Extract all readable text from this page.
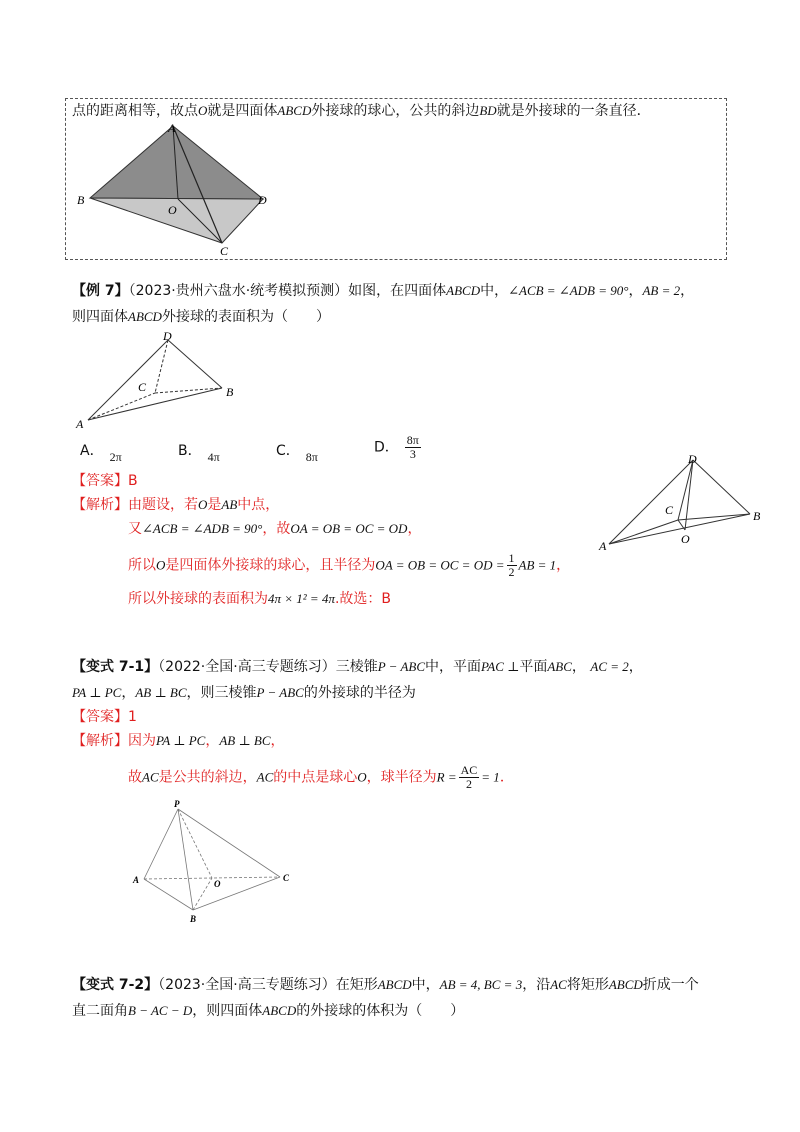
点的距离相等，故点O就是四面体ABCD外接球的球心，公共的斜边BD就是外接球的一条直径．
A
B
C
D
O
【例 7】（2023·贵州六盘水·统考模拟预测）如图，在四面体ABCD中，∠ACB = ∠ADB = 90°，AB = 2，
则四面体ABCD外接球的表面积为（　　）
D
A
B
C
A． 2π	B． 4π	C． 8π
D． $\frac{8\pi}{3}$
【答案】B
【解析】由题设，若O是AB中点，
又∠ACB = ∠ADB = 90°，故OA = OB = OC = OD，
所以O是四面体外接球的球心，且半径为OA = OB = OC = OD = $\frac{1}{2}$ AB = 1，
所以外接球的表面积为4π × 1² = 4π.故选：B
D
A
B
C
O
【变式 7-1】（2022·全国·高三专题练习）三棱锥P − ABC中，平面PAC ⊥平面ABC， AC = 2，
PA ⊥ PC，AB ⊥ BC，则三棱锥P − ABC的外接球的半径为
【答案】1
【解析】因为PA ⊥ PC，AB ⊥ BC，
故AC是公共的斜边，AC的中点是球心O，球半径为$R = \frac{AC}{2} = 1$．
P
A
B
C
O
【变式 7-2】（2023·全国·高三专题练习）在矩形ABCD中，AB = 4, BC = 3，沿AC将矩形ABCD折成一个
直二面角B − AC − D，则四面体ABCD的外接球的体积为（　　）
